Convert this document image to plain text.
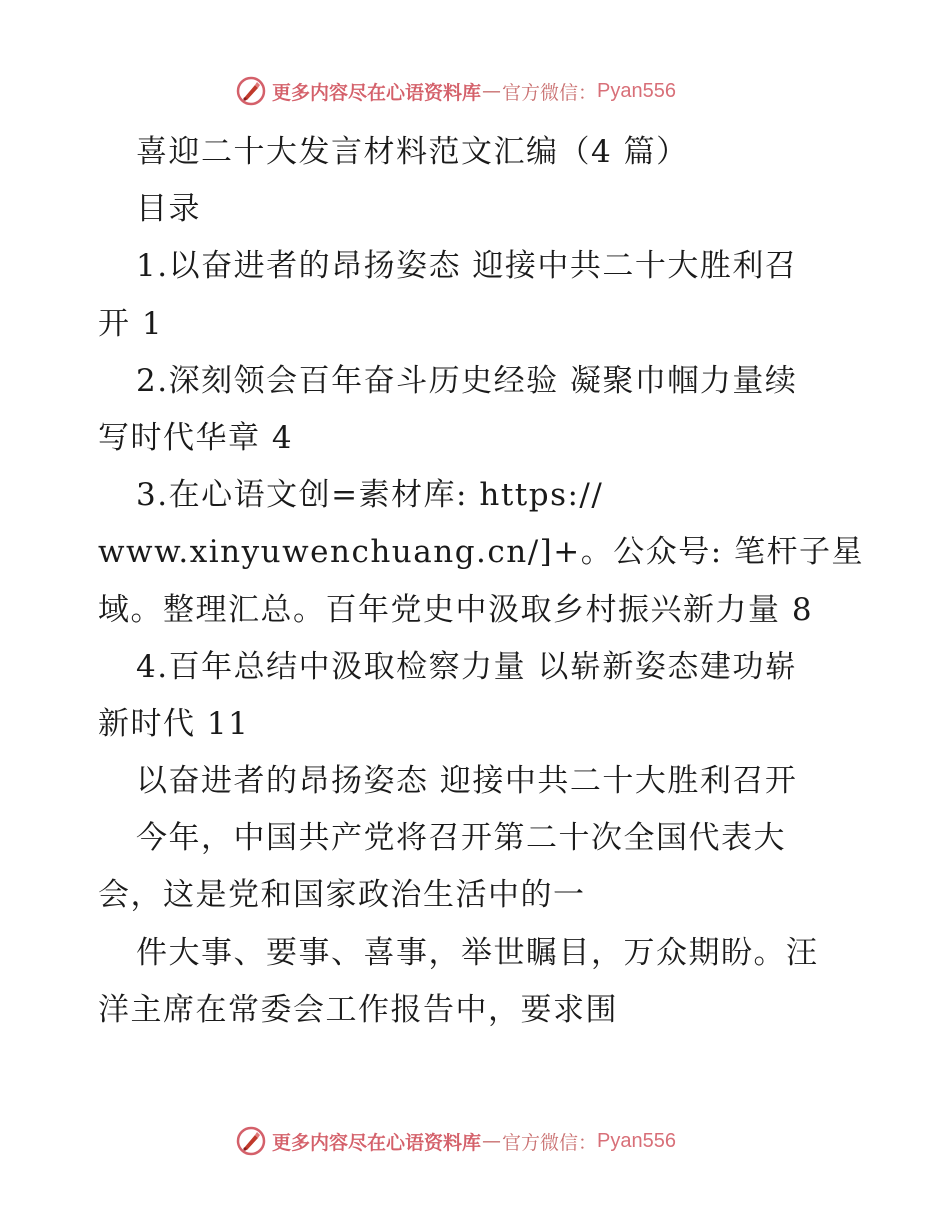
更多内容尽在心语资料库 — 官方微信： Pyan556
喜迎二十大发言材料范文汇编（4 篇）
目录
1.以奋进者的昂扬姿态 迎接中共二十大胜利召
开 1
2.深刻领会百年奋斗历史经验 凝聚巾帼力量续
写时代华章 4
3.在心语文创=素材库: https://
www.xinyuwenchuang.cn/]+。公众号: 笔杆子星
域。整理汇总。百年党史中汲取乡村振兴新力量 8
4.百年总结中汲取检察力量 以崭新姿态建功崭
新时代 11
以奋进者的昂扬姿态 迎接中共二十大胜利召开
今年，中国共产党将召开第二十次全国代表大
会，这是党和国家政治生活中的一
件大事、要事、喜事，举世瞩目，万众期盼。汪
洋主席在常委会工作报告中，要求围
更多内容尽在心语资料库 — 官方微信： Pyan556
